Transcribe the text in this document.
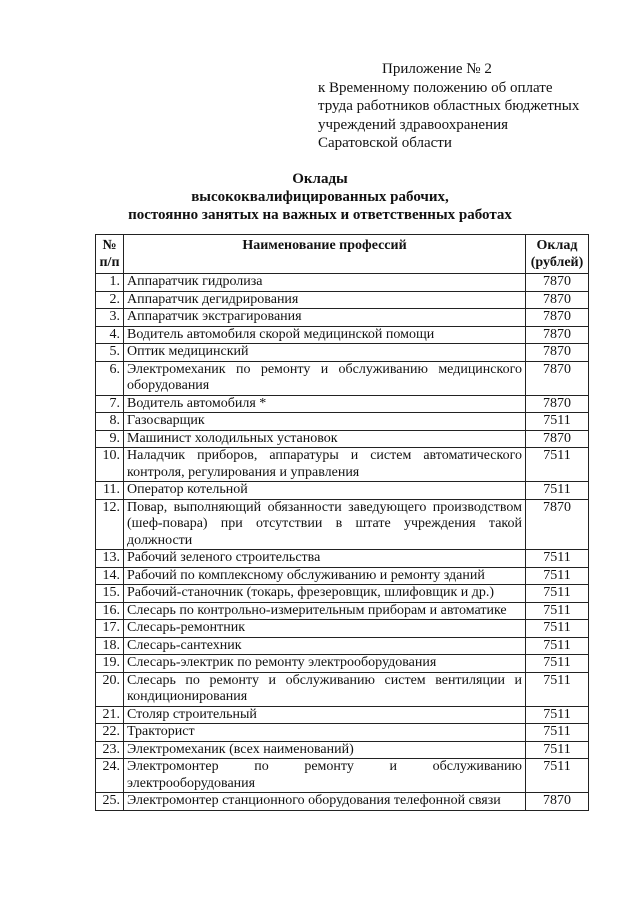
Приложение № 2
к Временному положению об оплате
труда работников областных бюджетных
учреждений здравоохранения
Саратовской области
Оклады
высококвалифицированных рабочих,
постоянно занятых на важных и ответственных работах
№
п/п	Наименование профессий	Оклад
(рублей)
1.	Аппаратчик гидролиза	7870
2.	Аппаратчик дегидрирования	7870
3.	Аппаратчик экстрагирования	7870
4.	Водитель автомобиля скорой медицинской помощи	7870
5.	Оптик медицинский	7870
6.	Электромеханик по ремонту и обслуживанию медицинского оборудования	7870
7.	Водитель автомобиля *	7870
8.	Газосварщик	7511
9.	Машинист холодильных установок	7870
10.	Наладчик приборов, аппаратуры и систем автоматического контроля, регулирования и управления	7511
11.	Оператор котельной	7511
12.	Повар, выполняющий обязанности заведующего производством (шеф-повара) при отсутствии в штате учреждения такой должности	7870
13.	Рабочий зеленого строительства	7511
14.	Рабочий по комплексному обслуживанию и ремонту зданий	7511
15.	Рабочий-станочник (токарь, фрезеровщик, шлифовщик и др.)	7511
16.	Слесарь по контрольно-измерительным приборам и автоматике	7511
17.	Слесарь-ремонтник	7511
18.	Слесарь-сантехник	7511
19.	Слесарь-электрик по ремонту электрооборудования	7511
20.	Слесарь по ремонту и обслуживанию систем вентиляции и кондиционирования	7511
21.	Столяр строительный	7511
22.	Тракторист	7511
23.	Электромеханик (всех наименований)	7511
24.	Электромонтер по ремонту и обслуживанию электрооборудования	7511
25.	Электромонтер станционного оборудования телефонной связи	7870
